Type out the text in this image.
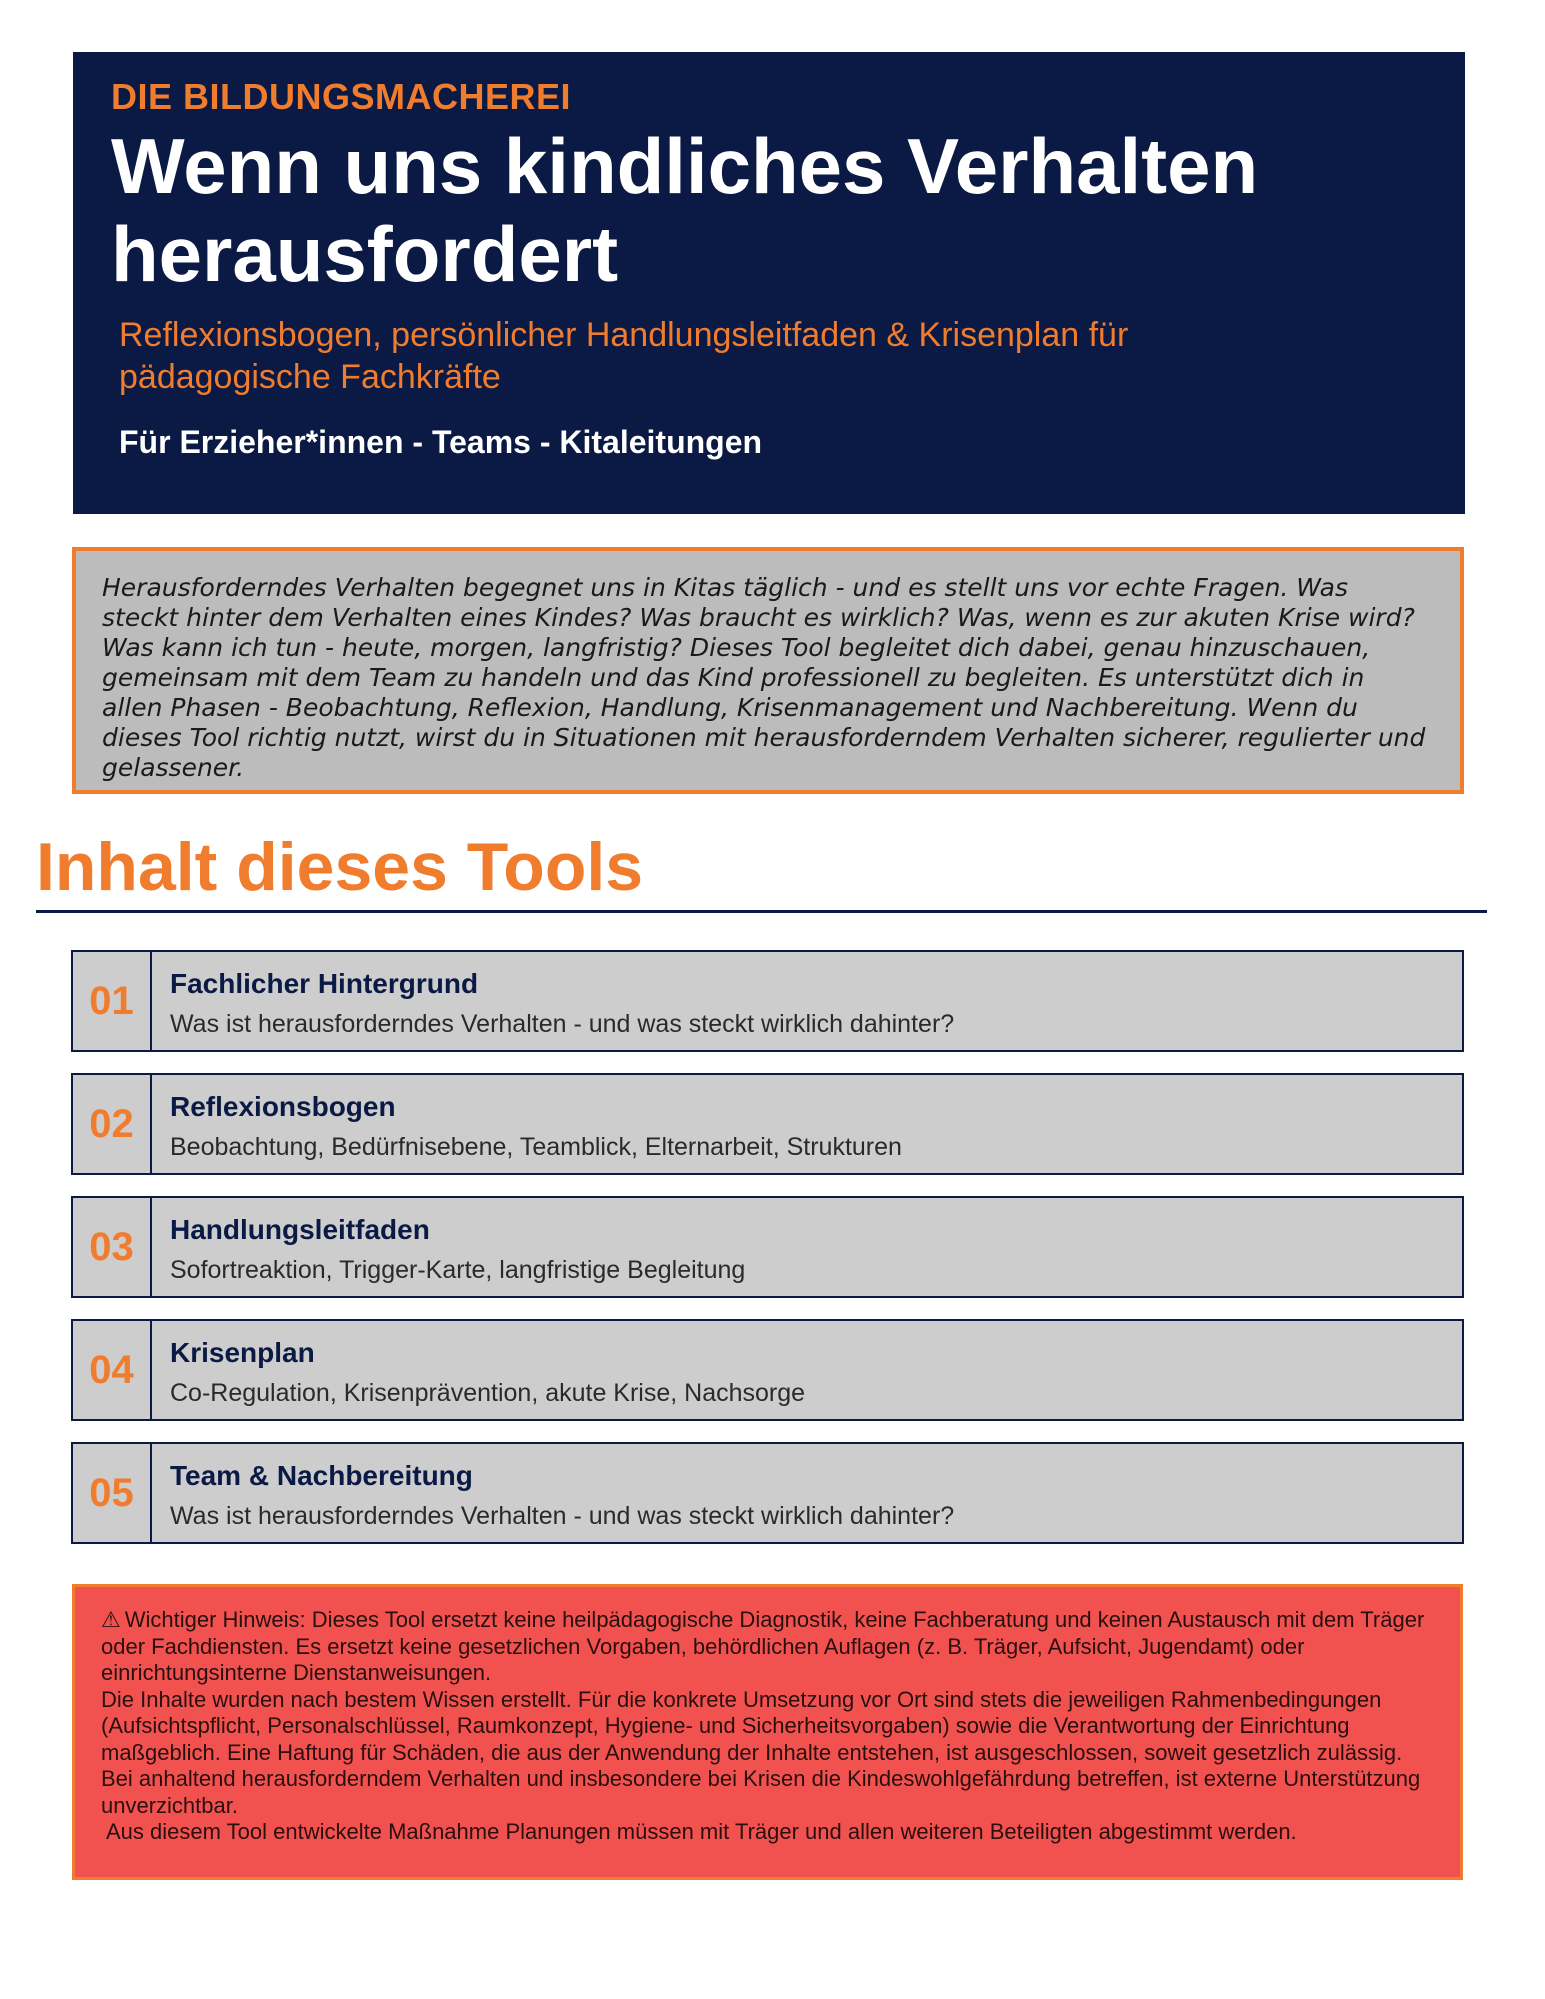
DIE BILDUNGSMACHEREI
Wenn uns kindliches Verhalten herausfordert
Reflexionsbogen, persönlicher Handlungsleitfaden & Krisenplan für pädagogische Fachkräfte
Für Erzieher*innen - Teams - Kitaleitungen
Herausforderndes Verhalten begegnet uns in Kitas täglich - und es stellt uns vor echte Fragen. Was steckt hinter dem Verhalten eines Kindes? Was braucht es wirklich? Was, wenn es zur akuten Krise wird? Was kann ich tun - heute, morgen, langfristig? Dieses Tool begleitet dich dabei, genau hinzuschauen, gemeinsam mit dem Team zu handeln und das Kind professionell zu begleiten. Es unterstützt dich in allen Phasen - Beobachtung, Reflexion, Handlung, Krisenmanagement und Nachbereitung. Wenn du dieses Tool richtig nutzt, wirst du in Situationen mit herausforderndem Verhalten sicherer, regulierter und gelassener.
Inhalt dieses Tools
01	Fachlicher Hintergrund
Was ist herausforderndes Verhalten - und was steckt wirklich dahinter?
02	Reflexionsbogen
Beobachtung, Bedürfnisebene, Teamblick, Elternarbeit, Strukturen
03	Handlungsleitfaden
Sofortreaktion, Trigger-Karte, langfristige Begleitung
04	Krisenplan
Co-Regulation, Krisenprävention, akute Krise, Nachsorge
05	Team & Nachbereitung
Was ist herausforderndes Verhalten - und was steckt wirklich dahinter?
⚠ Wichtiger Hinweis: Dieses Tool ersetzt keine heilpädagogische Diagnostik, keine Fachberatung und keinen Austausch mit dem Träger oder Fachdiensten. Es ersetzt keine gesetzlichen Vorgaben, behördlichen Auflagen (z. B. Träger, Aufsicht, Jugendamt) oder einrichtungsinterne Dienstanweisungen.
Die Inhalte wurden nach bestem Wissen erstellt. Für die konkrete Umsetzung vor Ort sind stets die jeweiligen Rahmenbedingungen (Aufsichtspflicht, Personalschlüssel, Raumkonzept, Hygiene- und Sicherheitsvorgaben) sowie die Verantwortung der Einrichtung maßgeblich. Eine Haftung für Schäden, die aus der Anwendung der Inhalte entstehen, ist ausgeschlossen, soweit gesetzlich zulässig. Bei anhaltend herausforderndem Verhalten und insbesondere bei Krisen die Kindeswohlgefährdung betreffen, ist externe Unterstützung unverzichtbar.
Aus diesem Tool entwickelte Maßnahme Planungen müssen mit Träger und allen weiteren Beteiligten abgestimmt werden.
